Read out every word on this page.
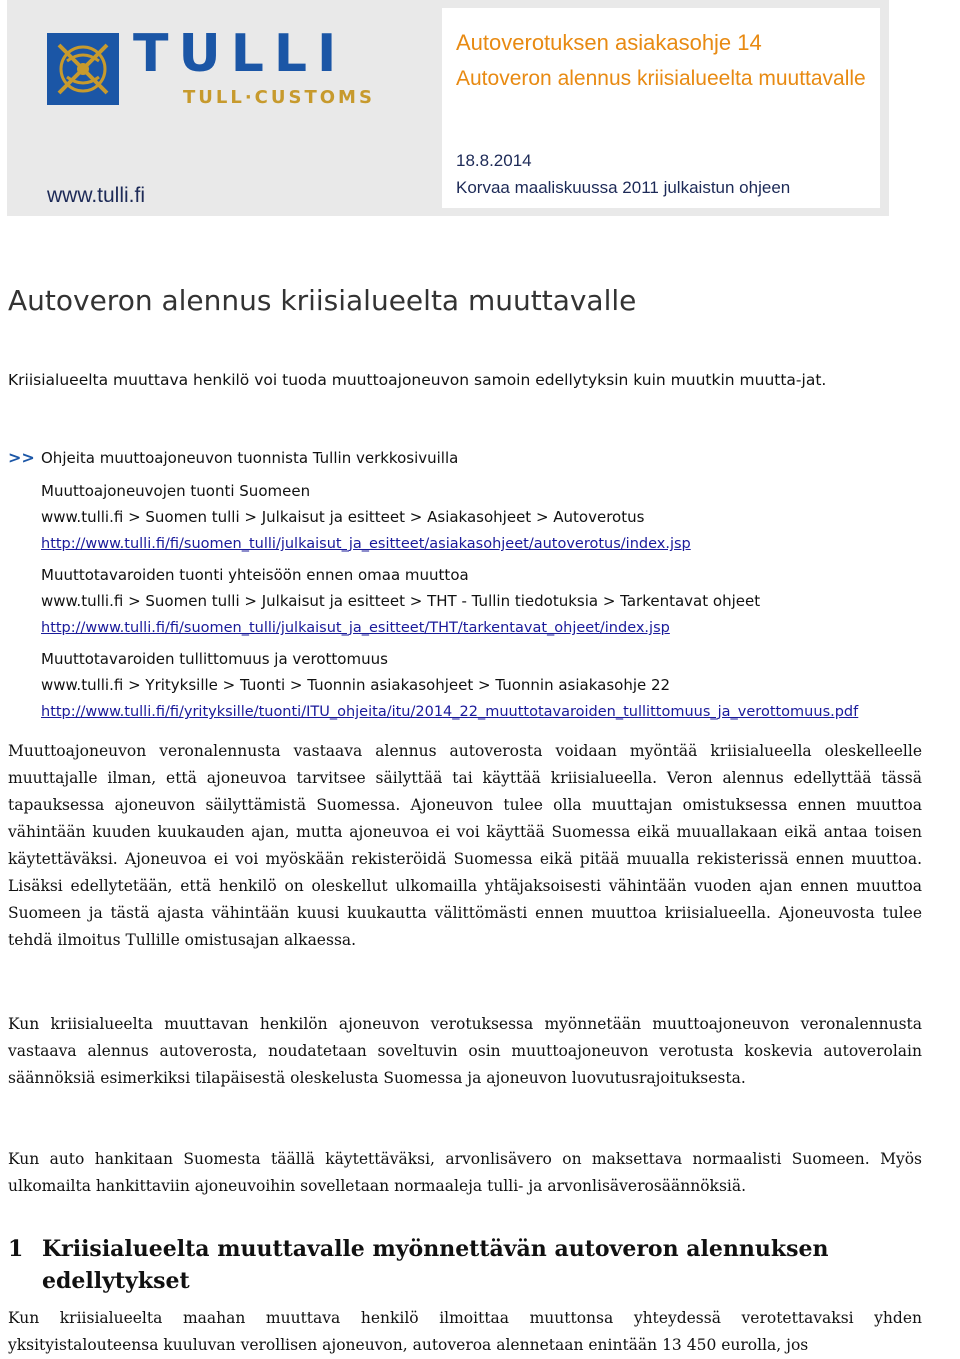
TULLI
TULL·CUSTOMS
www.tulli.fi
Autoverotuksen asiakasohje 14
Autoveron alennus kriisialueelta muuttavalle
18.8.2014
Korvaa maaliskuussa 2011 julkaistun ohjeen
Autoveron alennus kriisialueelta muuttavalle

Kriisialueelta muuttava henkilö voi tuoda muuttoajoneuvon samoin edellytyksin kuin muutkin muutta-jat.

>> Ohjeita muuttoajoneuvon tuonnista Tullin verkkosivuilla
Muuttoajoneuvojen tuonti Suomeen
www.tulli.fi > Suomen tulli > Julkaisut ja esitteet > Asiakasohjeet > Autoverotus
http://www.tulli.fi/fi/suomen_tulli/julkaisut_ja_esitteet/asiakasohjeet/autoverotus/index.jsp
Muuttotavaroiden tuonti yhteisöön ennen omaa muuttoa
www.tulli.fi > Suomen tulli > Julkaisut ja esitteet > THT - Tullin tiedotuksia > Tarkentavat ohjeet
http://www.tulli.fi/fi/suomen_tulli/julkaisut_ja_esitteet/THT/tarkentavat_ohjeet/index.jsp
Muuttotavaroiden tullittomuus ja verottomuus
www.tulli.fi > Yrityksille > Tuonti > Tuonnin asiakasohjeet > Tuonnin asiakasohje 22
http://www.tulli.fi/fi/yrityksille/tuonti/ITU_ohjeita/itu/2014_22_muuttotavaroiden_tullittomuus_ja_verottomuus.pdf

Muuttoajoneuvon veronalennusta vastaava alennus autoverosta voidaan myöntää kriisialueella oleskelleelle muuttajalle ilman, että ajoneuvoa tarvitsee säilyttää tai käyttää kriisialueella. Veron alennus edellyttää tässä tapauksessa ajoneuvon säilyttämistä Suomessa. Ajoneuvon tulee olla muuttajan omistuksessa ennen muuttoa vähintään kuuden kuukauden ajan, mutta ajoneuvoa ei voi käyttää Suomessa eikä muuallakaan eikä antaa toisen käytettäväksi. Ajoneuvoa ei voi myöskään rekisteröidä Suomessa eikä pitää muualla rekisterissä ennen muuttoa. Lisäksi edellytetään, että henkilö on oleskellut ulkomailla yhtäjaksoisesti vähintään vuoden ajan ennen muuttoa Suomeen ja tästä ajasta vähintään kuusi kuukautta välittömästi ennen muuttoa kriisialueella. Ajoneuvosta tulee tehdä ilmoitus Tullille omistusajan alkaessa.

Kun kriisialueelta muuttavan henkilön ajoneuvon verotuksessa myönnetään muuttoajoneuvon veronalennusta vastaava alennus autoverosta, noudatetaan soveltuvin osin muuttoajoneuvon verotusta koskevia autoverolain säännöksiä esimerkiksi tilapäisestä oleskelusta Suomessa ja ajoneuvon luovutusrajoituksesta.

Kun auto hankitaan Suomesta täällä käytettäväksi, arvonlisävero on maksettava normaalisti Suomeen. Myös ulkomailta hankittaviin ajoneuvoihin sovelletaan normaaleja tulli- ja arvonlisäverosäännöksiä.

1 Kriisialueelta muuttavalle myönnettävän autoveron alennuksen edellytykset

Kun kriisialueelta maahan muuttava henkilö ilmoittaa muuttonsa yhteydessä verotettavaksi yhden yksityistalouteensa kuuluvan verollisen ajoneuvon, autoveroa alennetaan enintään 13 450 eurolla, jos
